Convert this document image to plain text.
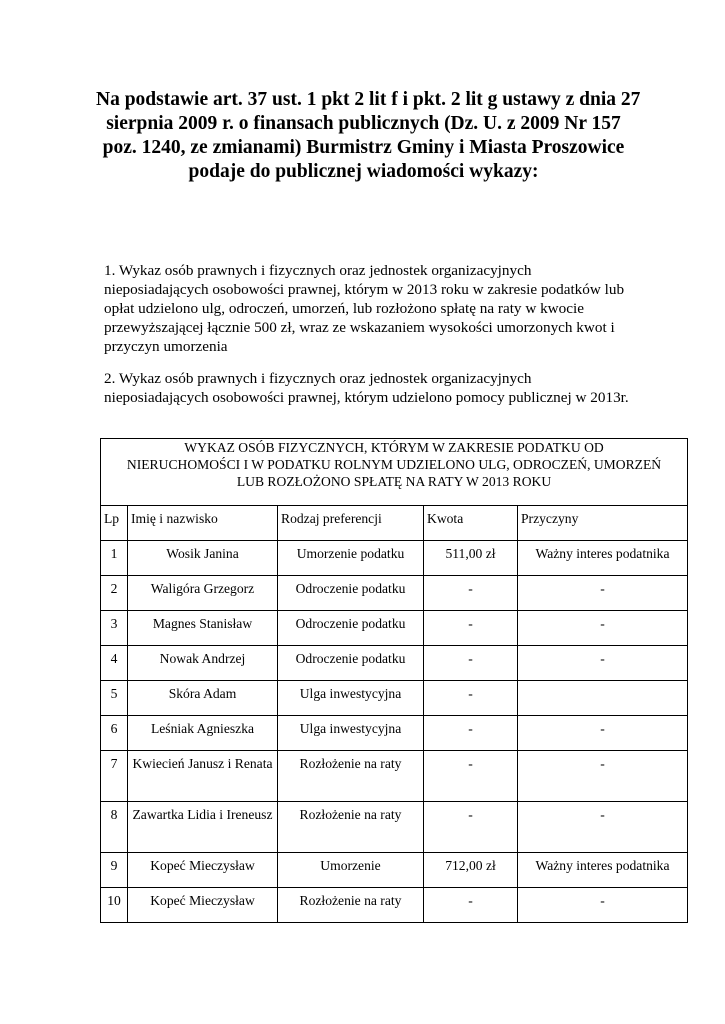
Na podstawie art. 37 ust. 1 pkt 2 lit f i pkt. 2 lit g ustawy z dnia 27
sierpnia 2009 r. o finansach publicznych (Dz. U. z 2009 Nr 157
poz. 1240, ze zmianami) Burmistrz Gminy i Miasta Proszowice
podaje do publicznej wiadomości wykazy:
1. Wykaz osób prawnych i fizycznych oraz jednostek organizacyjnych
nieposiadających osobowości prawnej, którym w 2013 roku w zakresie podatków lub
opłat udzielono ulg, odroczeń, umorzeń, lub rozłożono spłatę na raty w kwocie
przewyższającej łącznie 500 zł, wraz ze wskazaniem wysokości umorzonych kwot i
przyczyn umorzenia
2. Wykaz osób prawnych i fizycznych oraz jednostek organizacyjnych
nieposiadających osobowości prawnej, którym udzielono pomocy publicznej w 2013r.
WYKAZ OSÓB FIZYCZNYCH, KTÓRYM W ZAKRESIE PODATKU OD
NIERUCHOMOŚCI I W PODATKU ROLNYM UDZIELONO ULG, ODROCZEŃ, UMORZEŃ
LUB ROZŁOŻONO SPŁATĘ NA RATY W 2013 ROKU				

Lp	Imię i nazwisko	Rodzaj preferencji	Kwota	Przyczyny
1	Wosik Janina	Umorzenie podatku	511,00 zł	Ważny interes podatnika
2	Waligóra Grzegorz	Odroczenie podatku	-	-
3	Magnes Stanisław	Odroczenie podatku	-	-
4	Nowak Andrzej	Odroczenie podatku	-	-
5	Skóra Adam	Ulga inwestycyjna	-	
6	Leśniak Agnieszka	Ulga inwestycyjna	-	-
7	Kwiecień Janusz i Renata	Rozłożenie na raty	-	-
8	Zawartka Lidia i Ireneusz	Rozłożenie na raty	-	-
9	Kopeć Mieczysław	Umorzenie	712,00 zł	Ważny interes podatnika
10	Kopeć Mieczysław	Rozłożenie na raty	-	-
